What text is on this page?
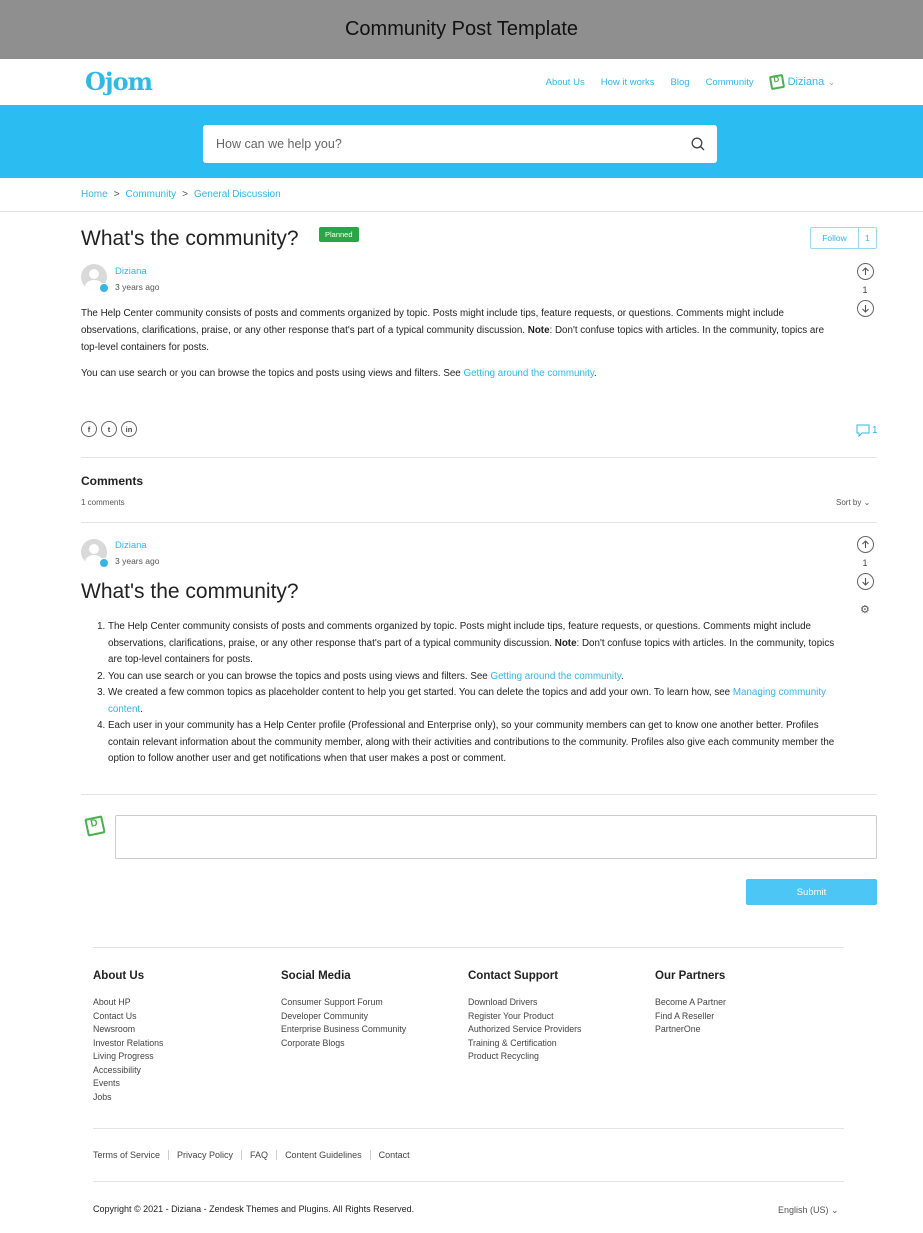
Community Post Template
Ojom	About Us How it works Blog Community
D	Diziana ⌄
How can we help you?
Home > Community > General Discussion
What's the community?	Planned	Follow	1
Diziana
3 years ago	1

The Help Center community consists of posts and comments organized by topic. Posts might include tips, feature requests, or questions. Comments might include observations, clarifications, praise, or any other response that's part of a typical community discussion. Note: Don't confuse topics with articles. In the community, topics are top-level containers for posts.

You can use search or you can browse the topics and posts using views and filters. See Getting around the community.

f	t	in	1
Comments
1 comments	Sort by ⌄
Diziana
3 years ago	1
⚙
What's the community?
1. The Help Center community consists of posts and comments organized by topic. Posts might include tips, feature requests, or questions. Comments might include observations, clarifications, praise, or any other response that's part of a typical community discussion. Note: Don't confuse topics with articles. In the community, topics are top-level containers for posts.
2. You can use search or you can browse the topics and posts using views and filters. See Getting around the community.
3. We created a few common topics as placeholder content to help you get started. You can delete the topics and add your own. To learn how, see Managing community content.
4. Each user in your community has a Help Center profile (Professional and Enterprise only), so your community members can get to know one another better. Profiles contain relevant information about the community member, along with their activities and contributions to the community. Profiles also give each community member the option to follow another user and get notifications when that user makes a post or comment.
D
Submit
About Us
About HP
Contact Us
Newsroom
Investor Relations
Living Progress
Accessibility
Events
Jobs
Social Media
Consumer Support Forum
Developer Community
Enterprise Business Community
Corporate Blogs
Contact Support
Download Drivers
Register Your Product
Authorized Service Providers
Training & Certification
Product Recycling
Our Partners
Become A Partner
Find A Reseller
PartnerOne
Terms of Service	Privacy Policy	FAQ	Content Guidelines	Contact
Copyright © 2021 - Diziana - Zendesk Themes and Plugins. All Rights Reserved.	English (US) ⌄
